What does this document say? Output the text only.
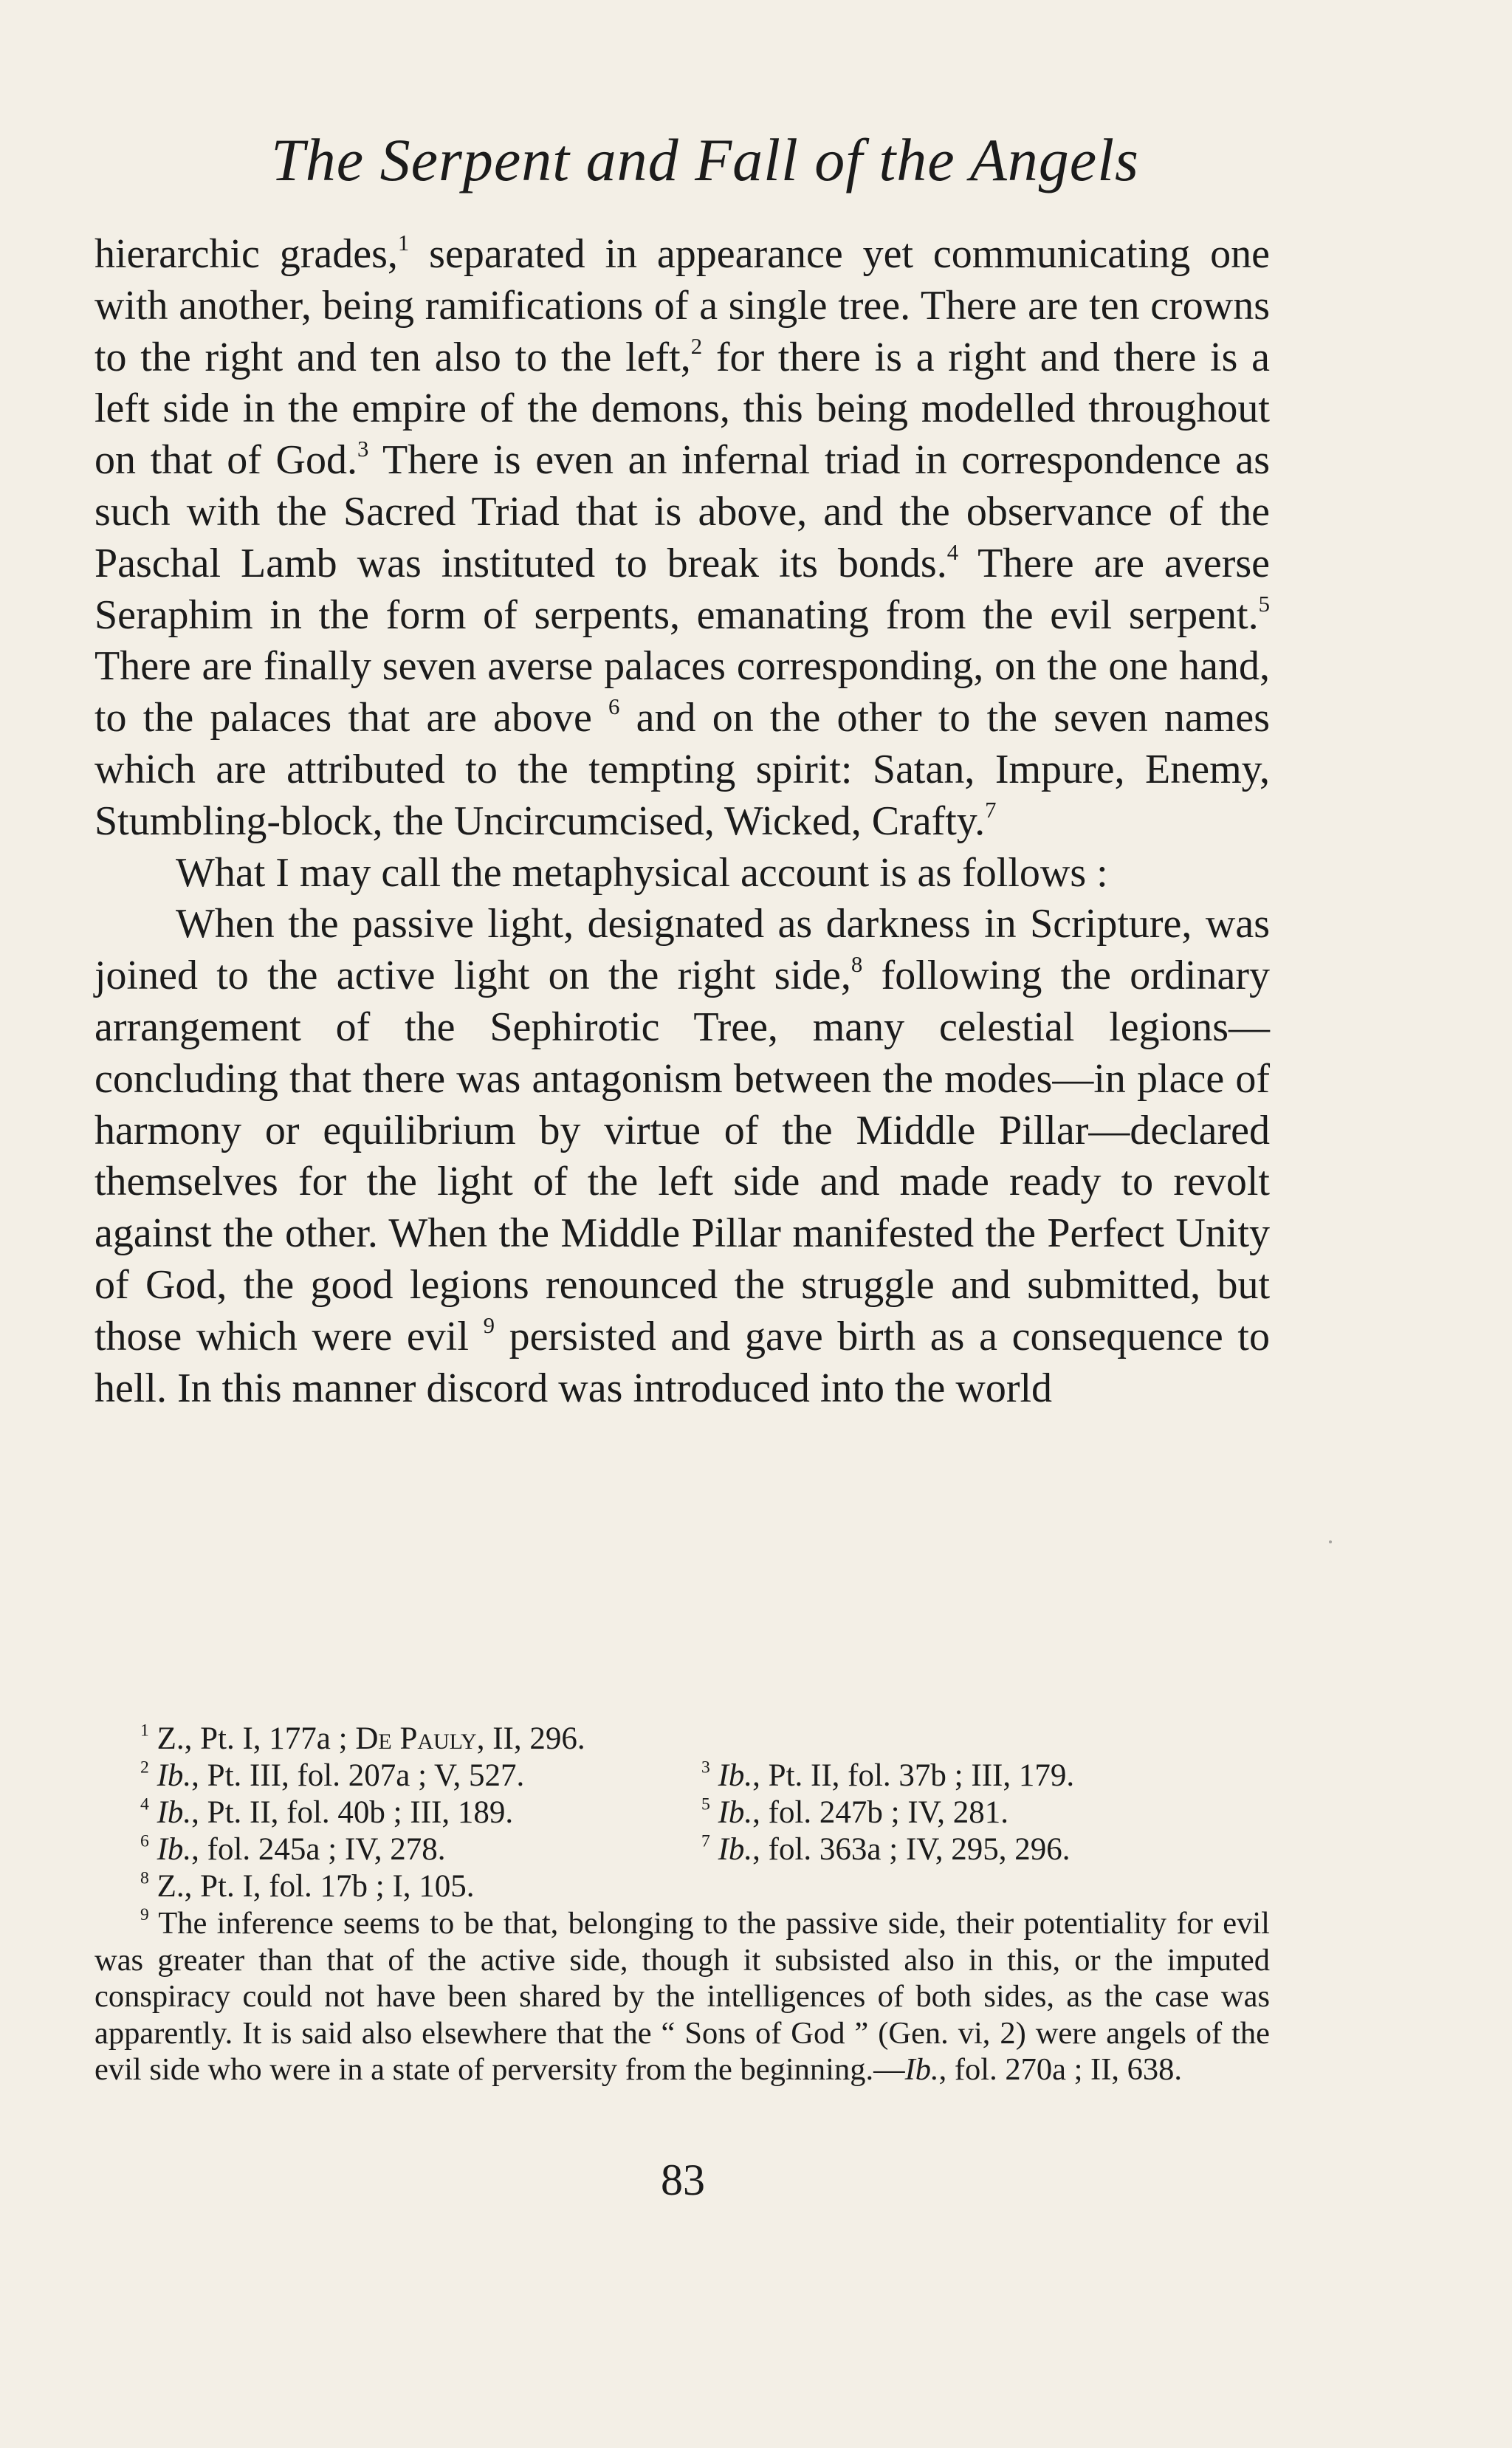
The Serpent and Fall of the Angels

hierarchic grades,$^1$ separated in appearance yet communicating one with another, being ramifications of a single tree. There are ten crowns to the right and ten also to the left,$^2$ for there is a right and there is a left side in the empire of the demons, this being modelled throughout on that of God.$^3$ There is even an infernal triad in correspondence as such with the Sacred Triad that is above, and the observance of the Paschal Lamb was instituted to break its bonds.$^4$ There are averse Seraphim in the form of serpents, emanating from the evil serpent.$^5$ There are finally seven averse palaces corresponding, on the one hand, to the palaces that are above $^6$ and on the other to the seven names which are attributed to the tempting spirit: Satan, Impure, Enemy, Stumbling-block, the Uncircumcised, Wicked, Crafty.$^7$

What I may call the metaphysical account is as follows :

When the passive light, designated as darkness in Scripture, was joined to the active light on the right side,$^8$ following the ordinary arrangement of the Sephirotic Tree, many celestial legions—concluding that there was antagonism between the modes—in place of harmony or equilibrium by virtue of the Middle Pillar—declared themselves for the light of the left side and made ready to revolt against the other. When the Middle Pillar manifested the Perfect Unity of God, the good legions renounced the struggle and submitted, but those which were evil $^9$ persisted and gave birth as a consequence to hell. In this manner discord was introduced into the world

$^1$ Z., Pt. I, 177a ; De Pauly, II, 296.
$^2$ Ib., Pt. III, fol. 207a ; V, 527.	$^3$ Ib., Pt. II, fol. 37b ; III, 179.
$^4$ Ib., Pt. II, fol. 40b ; III, 189.	$^5$ Ib., fol. 247b ; IV, 281.
$^6$ Ib., fol. 245a ; IV, 278.	$^7$ Ib., fol. 363a ; IV, 295, 296.
$^8$ Z., Pt. I, fol. 17b ; I, 105.
$^9$ The inference seems to be that, belonging to the passive side, their potentiality for evil was greater than that of the active side, though it subsisted also in this, or the imputed conspiracy could not have been shared by the intelligences of both sides, as the case was apparently. It is said also elsewhere that the “ Sons of God ” (Gen. vi, 2) were angels of the evil side who were in a state of perversity from the beginning.—Ib., fol. 270a ; II, 638.
83
